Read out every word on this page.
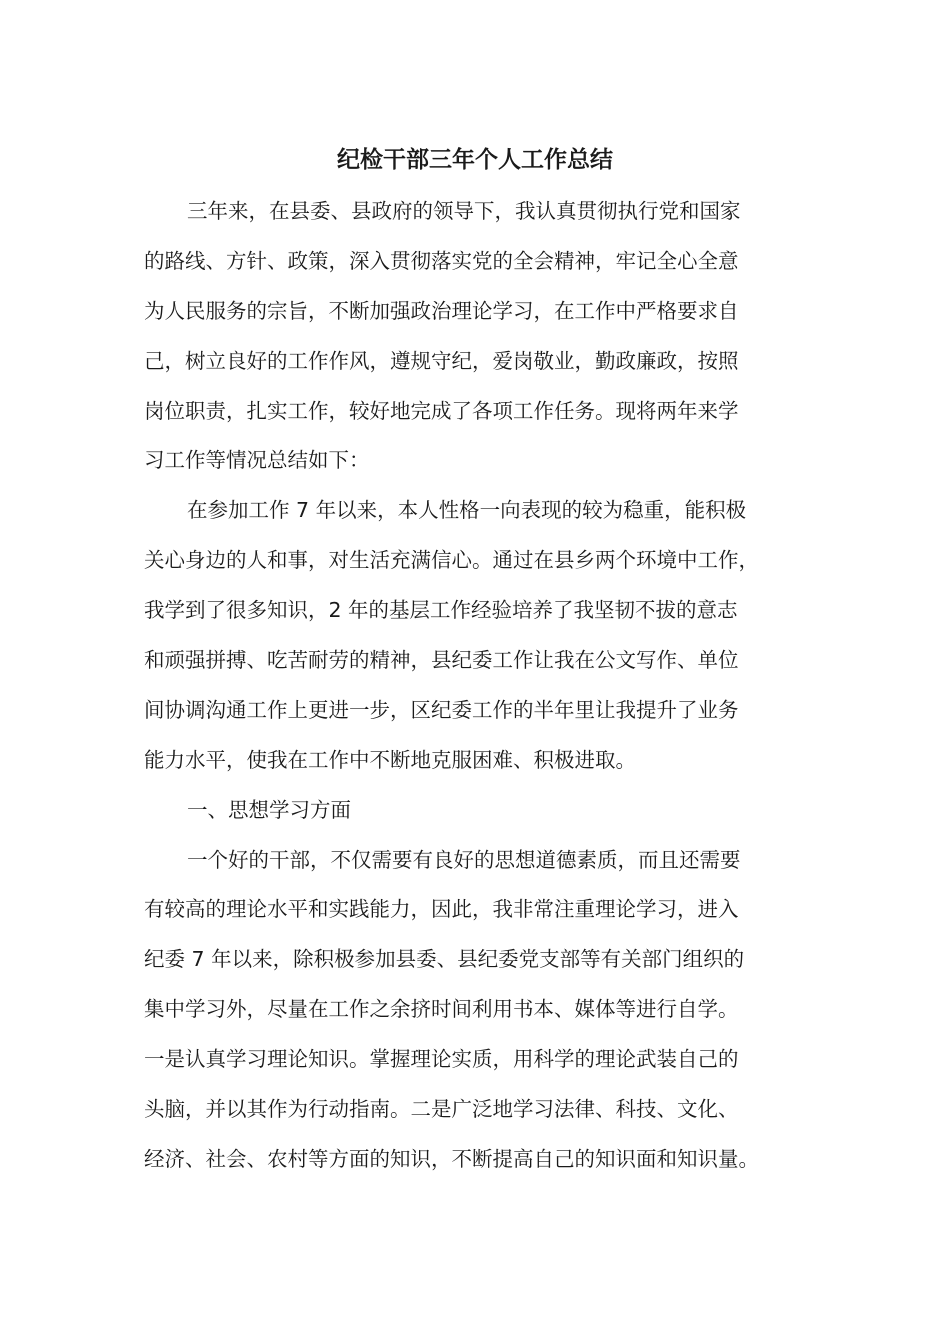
纪检干部三年个人工作总结
三年来，在县委、县政府的领导下，我认真贯彻执行党和国家
的路线、方针、政策，深入贯彻落实党的全会精神，牢记全心全意
为人民服务的宗旨，不断加强政治理论学习，在工作中严格要求自
己，树立良好的工作作风，遵规守纪，爱岗敬业，勤政廉政，按照
岗位职责，扎实工作，较好地完成了各项工作任务。现将两年来学
习工作等情况总结如下：
在参加工作 7 年以来，本人性格一向表现的较为稳重，能积极
关心身边的人和事，对生活充满信心。通过在县乡两个环境中工作，
我学到了很多知识，2 年的基层工作经验培养了我坚韧不拔的意志
和顽强拼搏、吃苦耐劳的精神，县纪委工作让我在公文写作、单位
间协调沟通工作上更进一步，区纪委工作的半年里让我提升了业务
能力水平，使我在工作中不断地克服困难、积极进取。
一、思想学习方面
一个好的干部，不仅需要有良好的思想道德素质，而且还需要
有较高的理论水平和实践能力，因此，我非常注重理论学习，进入
纪委 7 年以来，除积极参加县委、县纪委党支部等有关部门组织的
集中学习外，尽量在工作之余挤时间利用书本、媒体等进行自学。
一是认真学习理论知识。掌握理论实质，用科学的理论武装自己的
头脑，并以其作为行动指南。二是广泛地学习法律、科技、文化、
经济、社会、农村等方面的知识，不断提高自己的知识面和知识量。
